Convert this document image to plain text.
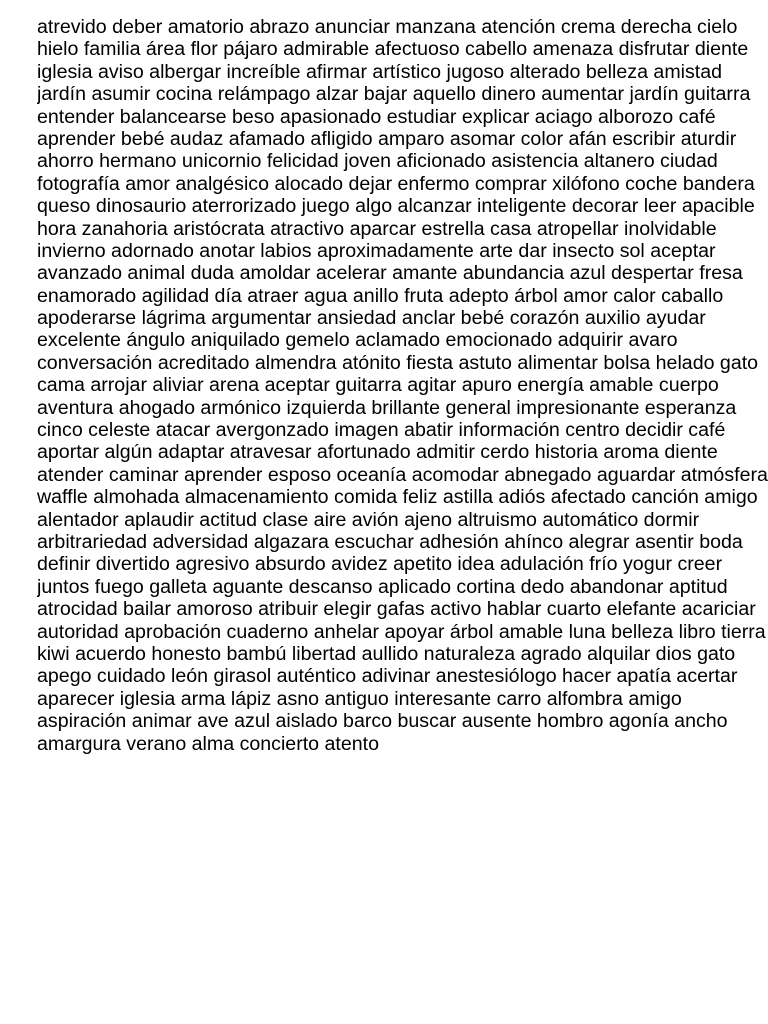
atrevido deber amatorio abrazo anunciar manzana atención crema derecha cielo
hielo familia área flor pájaro admirable afectuoso cabello amenaza disfrutar diente
iglesia aviso albergar increíble afirmar artístico jugoso alterado belleza amistad
jardín asumir cocina relámpago alzar bajar aquello dinero aumentar jardín guitarra
entender balancearse beso apasionado estudiar explicar aciago alborozo café
aprender bebé audaz afamado afligido amparo asomar color afán escribir aturdir
ahorro hermano unicornio felicidad joven aficionado asistencia altanero ciudad
fotografía amor analgésico alocado dejar enfermo comprar xilófono coche bandera
queso dinosaurio aterrorizado juego algo alcanzar inteligente decorar leer apacible
hora zanahoria aristócrata atractivo aparcar estrella casa atropellar inolvidable
invierno adornado anotar labios aproximadamente arte dar insecto sol aceptar
avanzado animal duda amoldar acelerar amante abundancia azul despertar fresa
enamorado agilidad día atraer agua anillo fruta adepto árbol amor calor caballo
apoderarse lágrima argumentar ansiedad anclar bebé corazón auxilio ayudar
excelente ángulo aniquilado gemelo aclamado emocionado adquirir avaro
conversación acreditado almendra atónito fiesta astuto alimentar bolsa helado gato
cama arrojar aliviar arena aceptar guitarra agitar apuro energía amable cuerpo
aventura ahogado armónico izquierda brillante general impresionante esperanza
cinco celeste atacar avergonzado imagen abatir información centro decidir café
aportar algún adaptar atravesar afortunado admitir cerdo historia aroma diente
atender caminar aprender esposo oceanía acomodar abnegado aguardar atmósfera
waffle almohada almacenamiento comida feliz astilla adiós afectado canción amigo
alentador aplaudir actitud clase aire avión ajeno altruismo automático dormir
arbitrariedad adversidad algazara escuchar adhesión ahínco alegrar asentir boda
definir divertido agresivo absurdo avidez apetito idea adulación frío yogur creer
juntos fuego galleta aguante descanso aplicado cortina dedo abandonar aptitud
atrocidad bailar amoroso atribuir elegir gafas activo hablar cuarto elefante acariciar
autoridad aprobación cuaderno anhelar apoyar árbol amable luna belleza libro tierra
kiwi acuerdo honesto bambú libertad aullido naturaleza agrado alquilar dios gato
apego cuidado león girasol auténtico adivinar anestesiólogo hacer apatía acertar
aparecer iglesia arma lápiz asno antiguo interesante carro alfombra amigo
aspiración animar ave azul aislado barco buscar ausente hombro agonía ancho
amargura verano alma concierto atento
